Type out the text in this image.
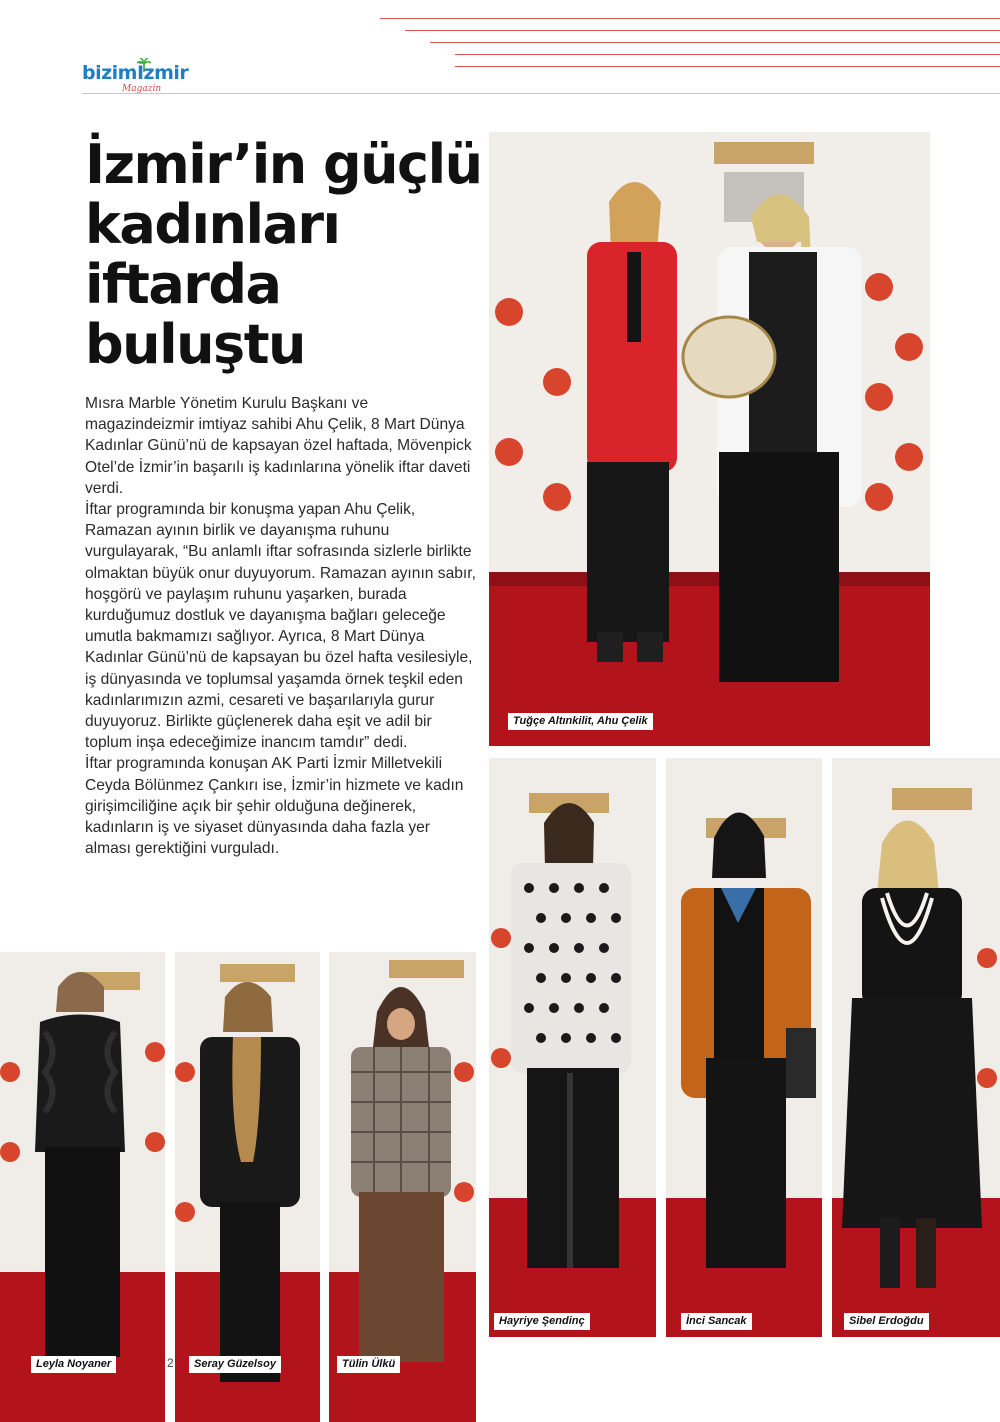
bizimİzmir
Magazin
İzmir’in güçlü
kadınları
iftarda
buluştu

Mısra Marble Yönetim Kurulu Başkanı ve magazindeizmir imtiyaz sahibi Ahu Çelik, 8 Mart Dünya Kadınlar Günü’nü de kapsayan özel haftada, Mövenpick Otel’de İzmir’in başarılı iş kadınlarına yönelik iftar daveti verdi.

İftar programında bir konuşma yapan Ahu Çelik, Ramazan ayının birlik ve dayanışma ruhunu vurgulayarak, “Bu anlamlı iftar sofrasında sizlerle birlikte olmaktan büyük onur duyuyorum. Ramazan ayının sabır, hoşgörü ve paylaşım ruhunu yaşarken, burada kurduğumuz dostluk ve dayanışma bağları geleceğe umutla bakmamızı sağlıyor. Ayrıca, 8 Mart Dünya Kadınlar Günü’nü de kapsayan bu özel hafta vesilesiyle, iş dünyasında ve toplumsal yaşamda örnek teşkil eden kadınlarımızın azmi, cesareti ve başarılarıyla gurur duyuyoruz. Birlikte güçlenerek daha eşit ve adil bir toplum inşa edeceğimize inancım tamdır” dedi.

İftar programında konuşan AK Parti İzmir Milletvekili Ceyda Bölünmez Çankırı ise, İzmir’in hizmete ve kadın girişimciliğine açık bir şehir olduğuna değinerek, kadınların iş ve siyaset dünyasında daha fazla yer alması gerektiğini vurguladı.

Tuğçe Altınkilit, Ahu Çelik
Hayriye Şendinç	İnci Sancak	Sibel Erdoğdu
Leyla Noyaner	Seray Güzelsoy	Tülin Ülkü
2
